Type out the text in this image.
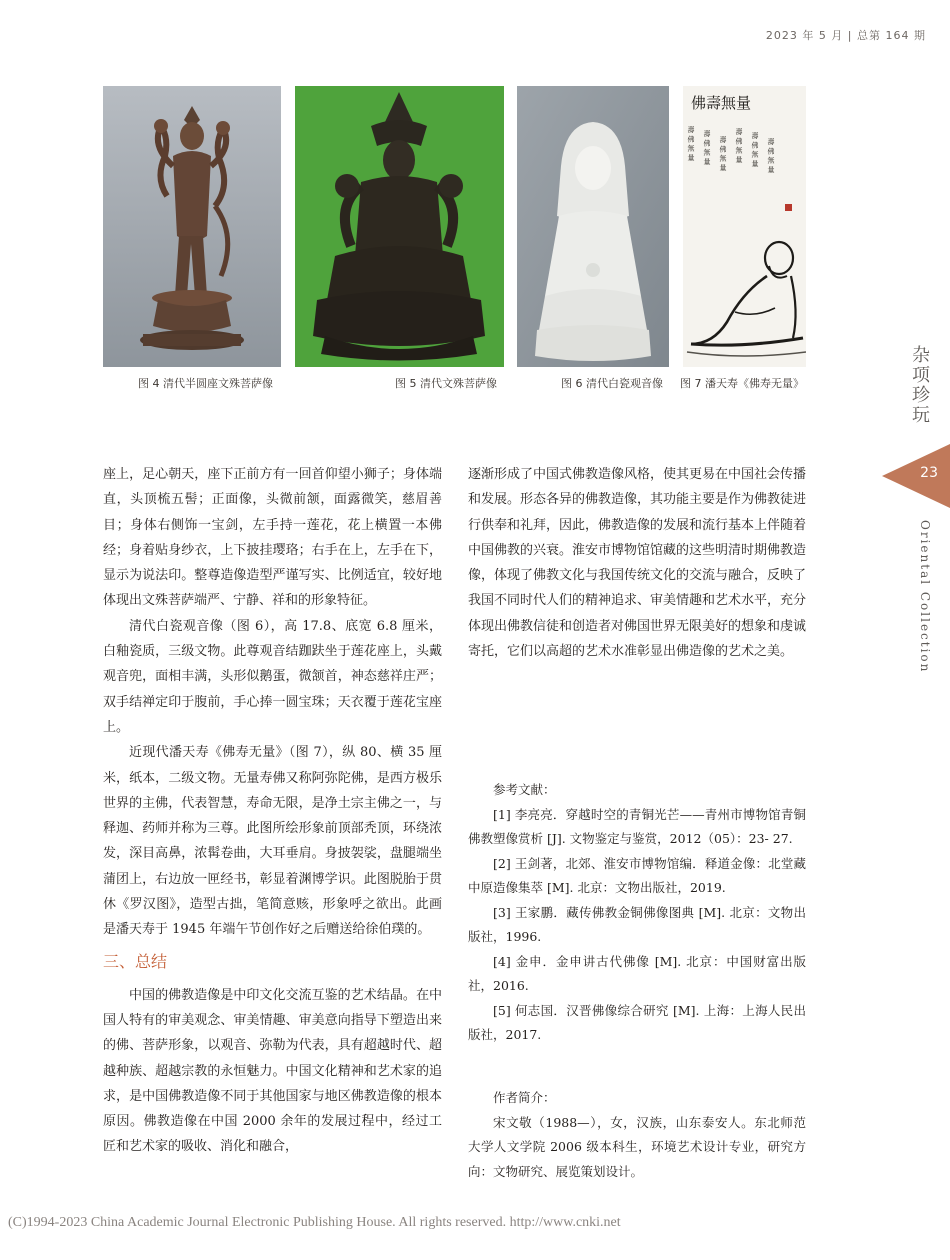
2023 年 5 月 | 总第 164 期
佛壽無量
壽 佛 無 量 壽 佛 無 量 壽 佛 無 量 壽 佛 無 量 壽 佛 無 量 壽 佛 無 量
图 4 清代半圆座文殊菩萨像	图 5 清代文殊菩萨像	图 6 清代白瓷观音像 图 7 潘天寿《佛寿无量》	杂项珍玩
23
Oriental Collection

座上，足心朝天，座下正前方有一回首仰望小狮子；身体端直，头顶梳五髻；正面像，头微前颔，面露微笑，慈眉善目；身体右侧饰一宝剑，左手持一莲花，花上横置一本佛经；身着贴身纱衣，上下披挂璎珞；右手在上，左手在下，显示为说法印。整尊造像造型严谨写实、比例适宜，较好地体现出文殊菩萨端严、宁静、祥和的形象特征。

清代白瓷观音像（图 6），高 17.8、底宽 6.8 厘米，白釉瓷质，三级文物。此尊观音结跏趺坐于莲花座上，头戴观音兜，面相丰满，头形似鹅蛋，微颔首，神态慈祥庄严；双手结禅定印于腹前，手心捧一圆宝珠；天衣覆于莲花宝座上。

近现代潘天寿《佛寿无量》（图 7），纵 80、横 35 厘米，纸本，二级文物。无量寿佛又称阿弥陀佛，是西方极乐世界的主佛，代表智慧，寿命无限，是净土宗主佛之一，与释迦、药师并称为三尊。此图所绘形象前顶部秃顶，环绕浓发，深目高鼻，浓髯卷曲，大耳垂肩。身披袈裟，盘腿端坐蒲团上，右边放一匣经书，彰显着渊博学识。此图脱胎于贯休《罗汉图》，造型古拙，笔简意赅，形象呼之欲出。此画是潘天寿于 1945 年端午节创作好之后赠送给徐伯璞的。

三、总结

中国的佛教造像是中印文化交流互鉴的艺术结晶。在中国人特有的审美观念、审美情趣、审美意向指导下塑造出来的佛、菩萨形象，以观音、弥勒为代表，具有超越时代、超越种族、超越宗教的永恒魅力。中国文化精神和艺术家的追求，是中国佛教造像不同于其他国家与地区佛教造像的根本原因。佛教造像在中国 2000 余年的发展过程中，经过工匠和艺术家的吸收、消化和融合，

逐渐形成了中国式佛教造像风格，使其更易在中国社会传播和发展。形态各异的佛教造像，其功能主要是作为佛教徒进行供奉和礼拜，因此，佛教造像的发展和流行基本上伴随着中国佛教的兴衰。淮安市博物馆馆藏的这些明清时期佛教造像，体现了佛教文化与我国传统文化的交流与融合，反映了我国不同时代人们的精神追求、审美情趣和艺术水平，充分体现出佛教信徒和创造者对佛国世界无限美好的想象和虔诚寄托，它们以高超的艺术水准彰显出佛造像的艺术之美。

参考文献：

[1] 李亮亮．穿越时空的青铜光芒——青州市博物馆青铜佛教塑像赏析 [J]. 文物鉴定与鉴赏，2012（05）：23- 27.

[2] 王剑著，北郊、淮安市博物馆编．释道金像：北堂藏中原造像集萃 [M]. 北京：文物出版社，2019.

[3] 王家鹏．藏传佛教金铜佛像图典 [M]. 北京：文物出版社，1996.

[4] 金申．金申讲古代佛像 [M]. 北京：中国财富出版社，2016.

[5] 何志国．汉晋佛像综合研究 [M]. 上海：上海人民出版社，2017.

作者简介：

宋文敬（1988—），女，汉族，山东泰安人。东北师范大学人文学院 2006 级本科生，环境艺术设计专业，研究方向：文物研究、展览策划设计。

(C)1994-2023 China Academic Journal Electronic Publishing House. All rights reserved. http://www.cnki.net
